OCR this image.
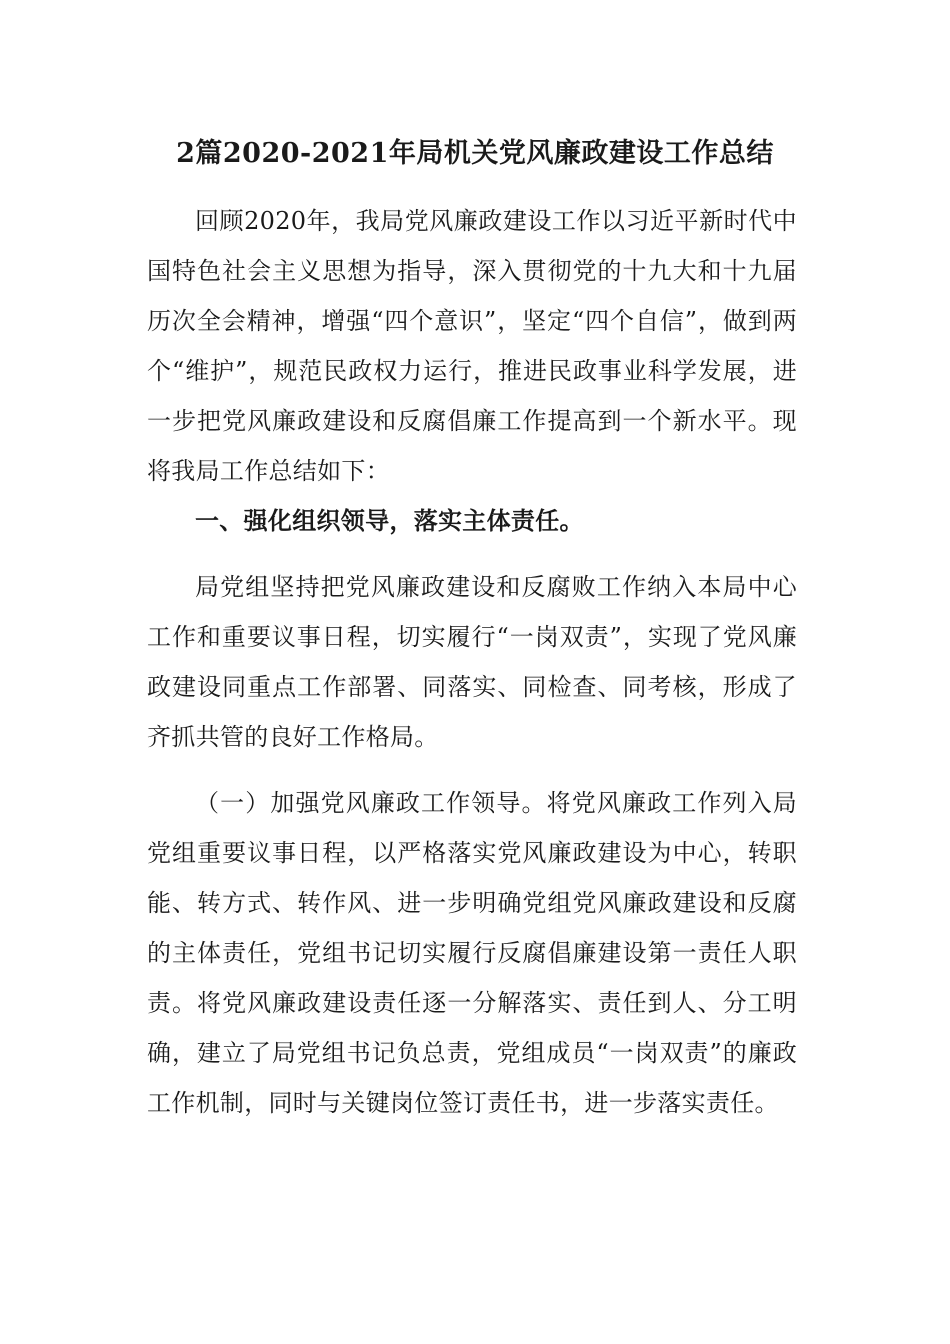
2篇2020-2021年局机关党风廉政建设工作总结

回顾2020年，我局党风廉政建设工作以习近平新时代中国特色社会主义思想为指导，深入贯彻党的十九大和十九届历次全会精神，增强“四个意识”，坚定“四个自信”，做到两个“维护”，规范民政权力运行，推进民政事业科学发展，进一步把党风廉政建设和反腐倡廉工作提高到一个新水平。现将我局工作总结如下：

一、强化组织领导，落实主体责任。

局党组坚持把党风廉政建设和反腐败工作纳入本局中心工作和重要议事日程，切实履行“一岗双责”，实现了党风廉政建设同重点工作部署、同落实、同检查、同考核，形成了齐抓共管的良好工作格局。

（一）加强党风廉政工作领导。将党风廉政工作列入局党组重要议事日程，以严格落实党风廉政建设为中心，转职能、转方式、转作风、进一步明确党组党风廉政建设和反腐的主体责任，党组书记切实履行反腐倡廉建设第一责任人职责。将党风廉政建设责任逐一分解落实、责任到人、分工明确，建立了局党组书记负总责，党组成员“一岗双责”的廉政工作机制，同时与关键岗位签订责任书，进一步落实责任。
